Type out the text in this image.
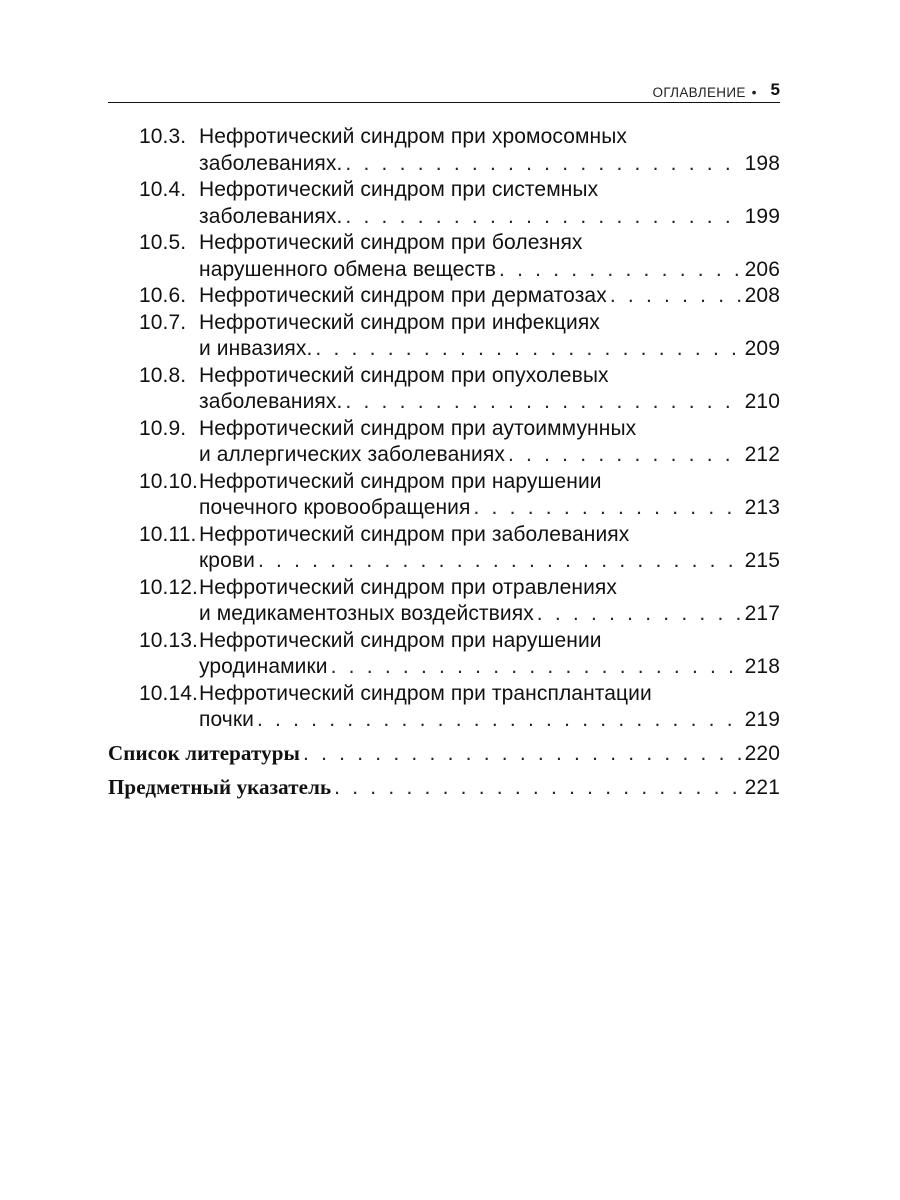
ОГЛАВЛЕНИЕ • 5
10.3. Нефротический синдром при хромосомных
заболеваниях. . . .	198
10.4. Нефротический синдром при системных
заболеваниях. . . .	199
10.5. Нефротический синдром при болезнях
нарушенного обмена веществ . . .	206
10.6. Нефротический синдром при дерматозах . . .	208
10.7. Нефротический синдром при инфекциях
и инвазиях. . . .	209
10.8. Нефротический синдром при опухолевых
заболеваниях. . . .	210
10.9. Нефротический синдром при аутоиммунных
и аллергических заболеваниях . . .	212
10.10. Нефротический синдром при нарушении
почечного кровообращения . . .	213
10.11. Нефротический синдром при заболеваниях
крови . . .	215
10.12. Нефротический синдром при отравлениях
и медикаментозных воздействиях . . .	217
10.13. Нефротический синдром при нарушении
уродинамики . . .	218
10.14. Нефротический синдром при трансплантации
почки . . .	219
Список литературы . . .	220
Предметный указатель . . .	221
